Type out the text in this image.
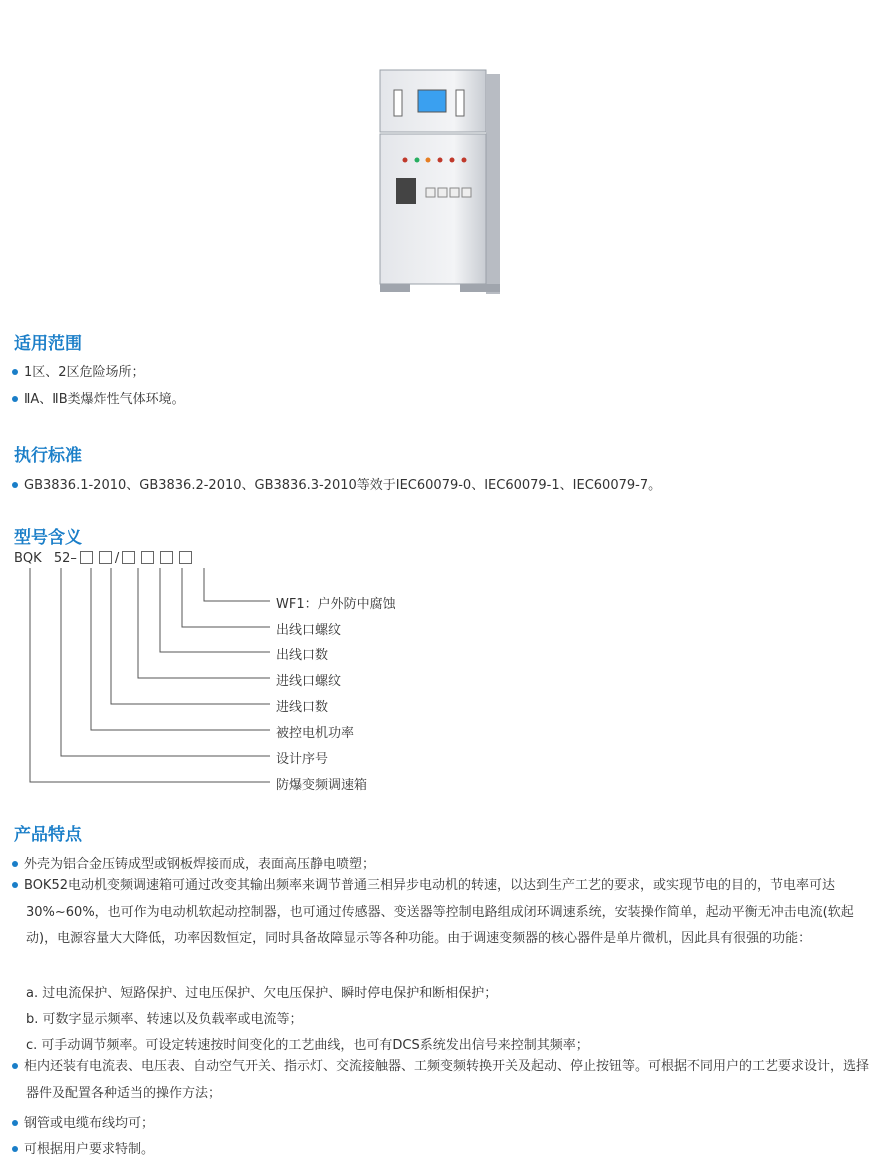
适用范围
1区、2区危险场所；
ⅡA、ⅡB类爆炸性气体环境。
执行标准
GB3836.1-2010、GB3836.2-2010、GB3836.3-2010等效于IEC60079-0、IEC60079-1、IEC60079-7。
型号含义
BQK 52–	/
WF1：户外防中腐蚀
出线口螺纹
出线口数
进线口螺纹
进线口数
被控电机功率
设计序号
防爆变频调速箱
产品特点
外壳为铝合金压铸成型或钢板焊接而成，表面高压静电喷塑；
BOK52电动机变频调速箱可通过改变其输出频率来调节普通三相异步电动机的转速，以达到生产工艺的要求，或实现节电的目的，节电率可达30%~60%，也可作为电动机软起动控制器，也可通过传感器、变送器等控制电路组成闭环调速系统，安装操作简单，起动平衡无冲击电流(软起动)，电源容量大大降低，功率因数恒定，同时具备故障显示等各种功能。由于调速变频器的核心器件是单片微机，因此具有很强的功能：
a. 过电流保护、短路保护、过电压保护、欠电压保护、瞬时停电保护和断相保护；
b. 可数字显示频率、转速以及负载率或电流等；
c. 可手动调节频率。可设定转速按时间变化的工艺曲线，也可有DCS系统发出信号来控制其频率；
柜内还装有电流表、电压表、自动空气开关、指示灯、交流接触器、工频变频转换开关及起动、停止按钮等。可根据不同用户的工艺要求设计，选择器件及配置各种适当的操作方法；
钢管或电缆布线均可；
可根据用户要求特制。
